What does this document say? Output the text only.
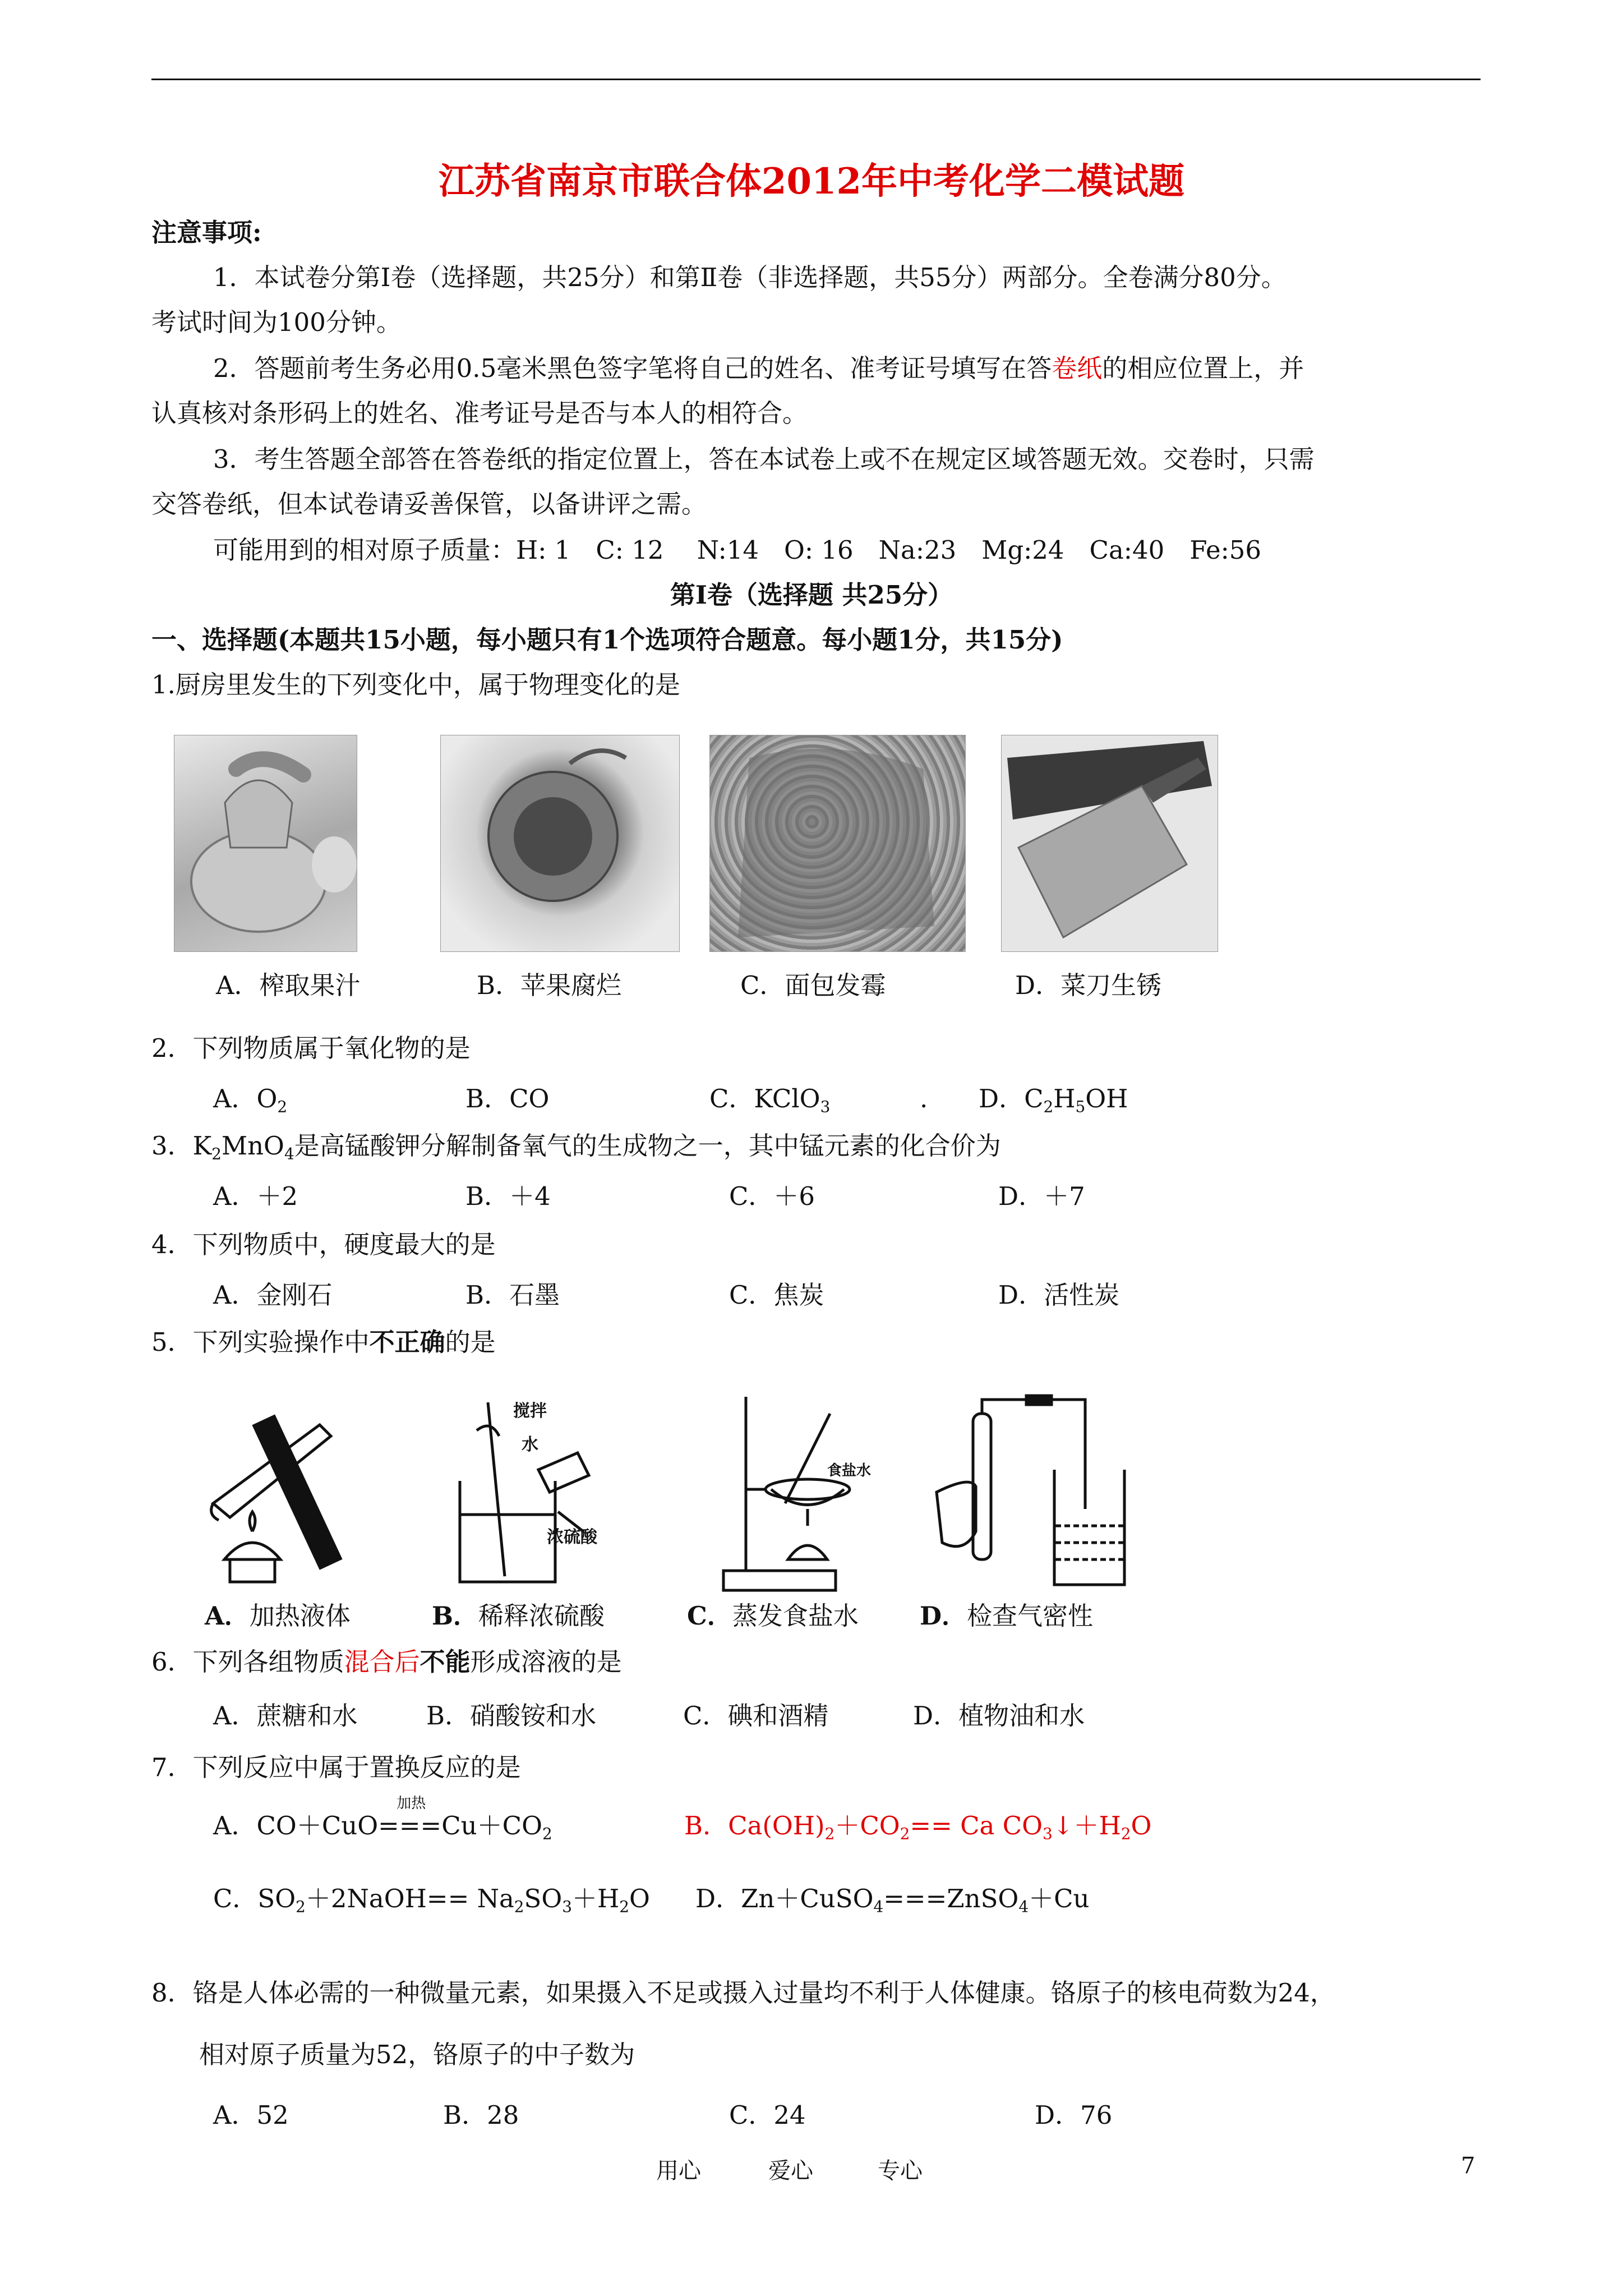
江苏省南京市联合体2012年中考化学二模试题
注意事项:
1．本试卷分第Ⅰ卷（选择题，共25分）和第Ⅱ卷（非选择题，共55分）两部分。全卷满分80分。
考试时间为100分钟。
2．答题前考生务必用0.5毫米黑色签字笔将自己的姓名、准考证号填写在答卷纸的相应位置上，并
认真核对条形码上的姓名、准考证号是否与本人的相符合。
3．考生答题全部答在答卷纸的指定位置上，答在本试卷上或不在规定区域答题无效。交卷时，只需
交答卷纸，但本试卷请妥善保管，以备讲评之需。
可能用到的相对原子质量：H: 1　C: 12　 N:14　O: 16　Na:23　Mg:24　Ca:40　Fe:56
第Ⅰ卷（选择题 共25分）
一、选择题(本题共15小题，每小题只有1个选项符合题意。每小题1分，共15分)
1.厨房里发生的下列变化中，属于物理变化的是
A．榨取果汁	B．苹果腐烂	C．面包发霉	D．菜刀生锈
2．下列物质属于氧化物的是
A．$O_2$	B．CO	C．KClO$_3$	. D．$C_2H_5OH$
3．$K_2MnO_4$是高锰酸钾分解制备氧气的生成物之一，其中锰元素的化合价为
A．＋2	B．＋4	C．＋6	D．＋7
4．下列物质中，硬度最大的是
A．金刚石	B．石墨	C．焦炭	D．活性炭
5．下列实验操作中不正确的是
搅拌
水
浓硫酸
食盐水
A．加热液体	B．稀释浓硫酸	C．蒸发食盐水 D．检查气密性
6．下列各组物质混合后不能形成溶液的是
A．蔗糖和水	B．硝酸铵和水	C．碘和酒精	D．植物油和水
7．下列反应中属于置换反应的是
A．CO＋CuO===
加热
$Cu+CO_2$	B．$Ca(OH)_2+CO_2== Ca$ $CO_3↓+H_2O$
C．$SO_2+2NaOH== Na_2SO_3+H_2O$ D．Zn＋CuSO$_4$===ZnSO$_4$＋Cu
8．铬是人体必需的一种微量元素，如果摄入不足或摄入过量均不利于人体健康。铬原子的核电荷数为24，
相对原子质量为52，铬原子的中子数为
A．52	B．28	C．24	D．76
用心	爱心	专心	7
